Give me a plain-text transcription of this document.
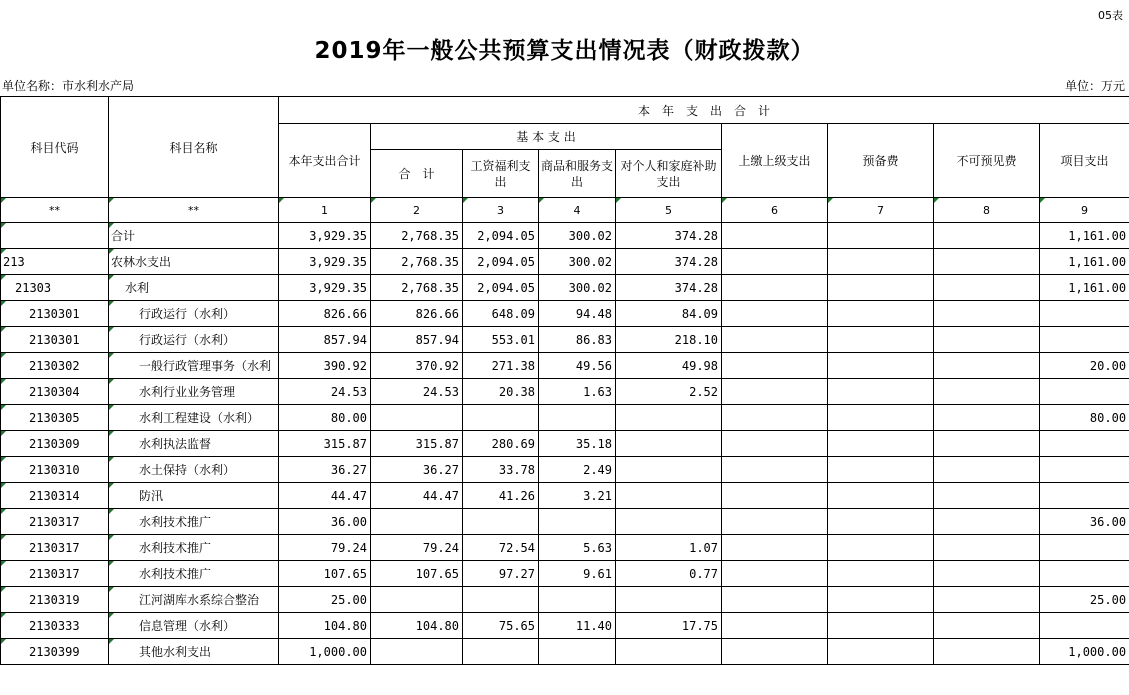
05表
2019年一般公共预算支出情况表（财政拨款）
单位名称：市水利水产局	单位：万元
科目代码	科目名称	本　年　支　出　合　计								
		本年支出合计	基 本 支 出				上缴上级支出	预备费	不可预见费	项目支出
			合　计	工资福利支出	商品和服务支出	对个人和家庭补助支出				
**	**	1	2	3	4	5	6	7	8	9
	合计	3,929.35	2,768.35	2,094.05	300.02	374.28				1,161.00
213	农林水支出	3,929.35	2,768.35	2,094.05	300.02	374.28				1,161.00
21303	水利	3,929.35	2,768.35	2,094.05	300.02	374.28				1,161.00
2130301	行政运行（水利）	826.66	826.66	648.09	94.48	84.09				
2130301	行政运行（水利）	857.94	857.94	553.01	86.83	218.10				
2130302	一般行政管理事务（水利	390.92	370.92	271.38	49.56	49.98				20.00
2130304	水利行业业务管理	24.53	24.53	20.38	1.63	2.52				
2130305	水利工程建设（水利）	80.00								80.00
2130309	水利执法监督	315.87	315.87	280.69	35.18					
2130310	水土保持（水利）	36.27	36.27	33.78	2.49					
2130314	防汛	44.47	44.47	41.26	3.21					
2130317	水利技术推广	36.00								36.00
2130317	水利技术推广	79.24	79.24	72.54	5.63	1.07				
2130317	水利技术推广	107.65	107.65	97.27	9.61	0.77				
2130319	江河湖库水系综合整治	25.00								25.00
2130333	信息管理（水利）	104.80	104.80	75.65	11.40	17.75				
2130399	其他水利支出	1,000.00								1,000.00
